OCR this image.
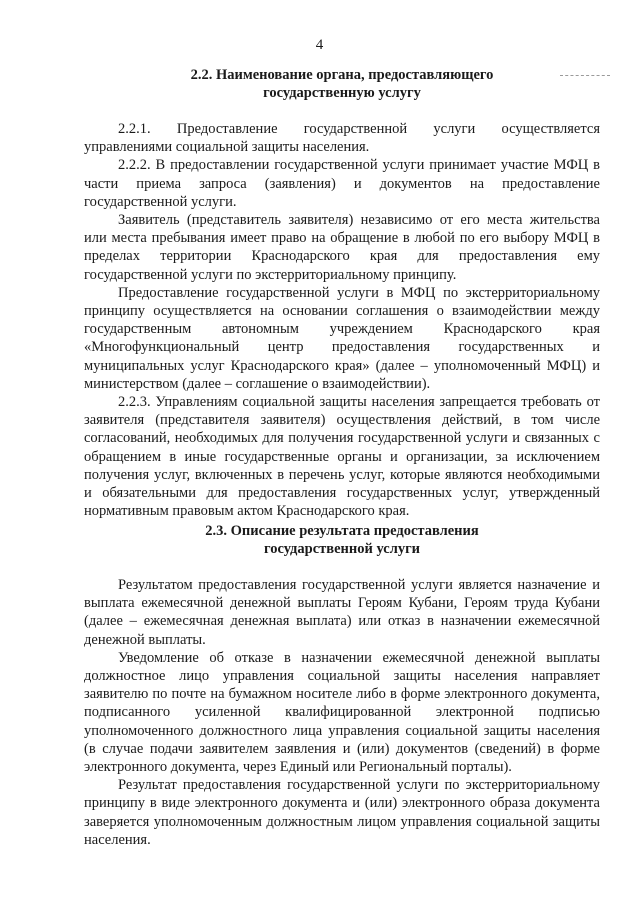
4
2.2. Наименование органа, предоставляющего
государственную услугу

2.2.1. Предоставление государственной услуги осуществляется управлениями социальной защиты населения.

2.2.2. В предоставлении государственной услуги принимает участие МФЦ в части приема запроса (заявления) и документов на предоставление государственной услуги.

Заявитель (представитель заявителя) независимо от его места жительства или места пребывания имеет право на обращение в любой по его выбору МФЦ в пределах территории Краснодарского края для предоставления ему государственной услуги по экстерриториальному принципу.

Предоставление государственной услуги в МФЦ по экстерриториальному принципу осуществляется на основании соглашения о взаимодействии между государственным автономным учреждением Краснодарского края «Многофункциональный центр предоставления государственных и муниципальных услуг Краснодарского края» (далее – уполномоченный МФЦ) и министерством (далее – соглашение о взаимодействии).

2.2.3. Управлениям социальной защиты населения запрещается требовать от заявителя (представителя заявителя) осуществления действий, в том числе согласований, необходимых для получения государственной услуги и связанных с обращением в иные государственные органы и организации, за исключением получения услуг, включенных в перечень услуг, которые являются необходимыми и обязательными для предоставления государственных услуг, утвержденный нормативным правовым актом Краснодарского края.

2.3. Описание результата предоставления
государственной услуги

Результатом предоставления государственной услуги является назначение и выплата ежемесячной денежной выплаты Героям Кубани, Героям труда Кубани (далее – ежемесячная денежная выплата) или отказ в назначении ежемесячной денежной выплаты.

Уведомление об отказе в назначении ежемесячной денежной выплаты должностное лицо управления социальной защиты населения направляет заявителю по почте на бумажном носителе либо в форме электронного документа, подписанного усиленной квалифицированной электронной подписью уполномоченного должностного лица управления социальной защиты населения (в случае подачи заявителем заявления и (или) документов (сведений) в форме электронного документа, через Единый или Региональный порталы).

Результат предоставления государственной услуги по экстерриториальному принципу в виде электронного документа и (или) электронного образа документа заверяется уполномоченным должностным лицом управления социальной защиты населения.
